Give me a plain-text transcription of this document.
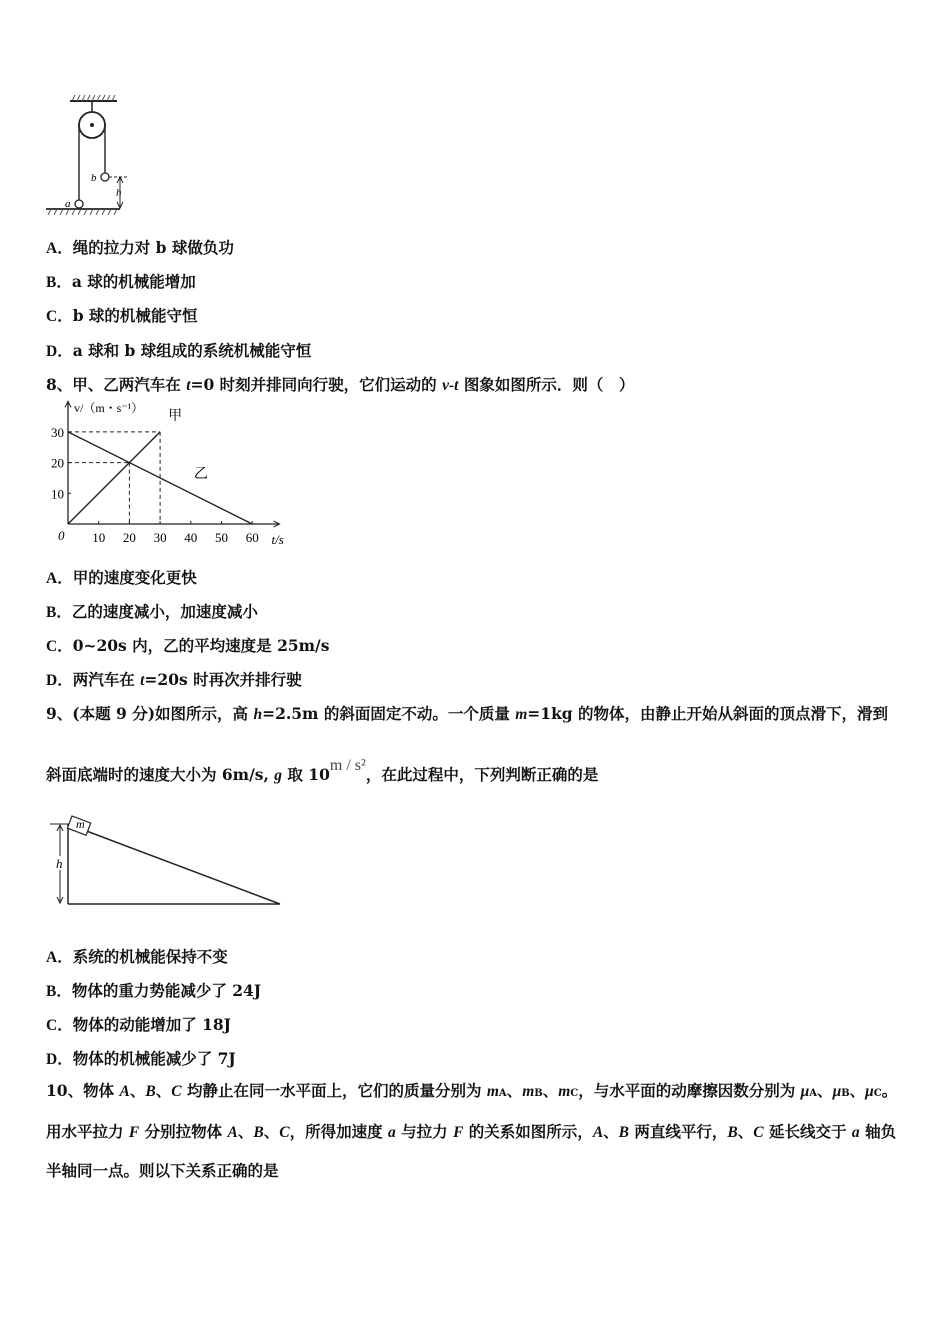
a
b
h
A．绳的拉力对 b 球做负功
B．a 球的机械能增加
C．b 球的机械能守恒
D．a 球和 b 球组成的系统机械能守恒
8、甲、乙两汽车在 t=0 时刻并排同向行驶，它们运动的 v-t 图象如图所示．则（　）
v/（m・s⁻¹）
t/s
0 10 20 30 40 50 60
10
20
30
甲
乙
A．甲的速度变化更快
B．乙的速度减小，加速度减小
C．0~20s 内，乙的平均速度是 25m/s
D．两汽车在 t=20s 时再次并排行驶
9、(本题 9 分)如图所示，高 h=2.5m 的斜面固定不动。一个质量 m=1kg 的物体，由静止开始从斜面的顶点滑下，滑到
斜面底端时的速度大小为 6m/s, g 取 10m / s²，在此过程中，下列判断正确的是
m
h
A．系统的机械能保持不变
B．物体的重力势能减少了 24J
C．物体的动能增加了 18J
D．物体的机械能减少了 7J
10、物体 A、B、C 均静止在同一水平面上，它们的质量分别为 mA、mB、mC，与水平面的动摩擦因数分别为 μA、μB、μC。用水平拉力 F 分别拉物体 A、B、C，所得加速度 a 与拉力 F 的关系如图所示，A、B 两直线平行，B、C 延长线交于 a 轴负半轴同一点。则以下关系正确的是
